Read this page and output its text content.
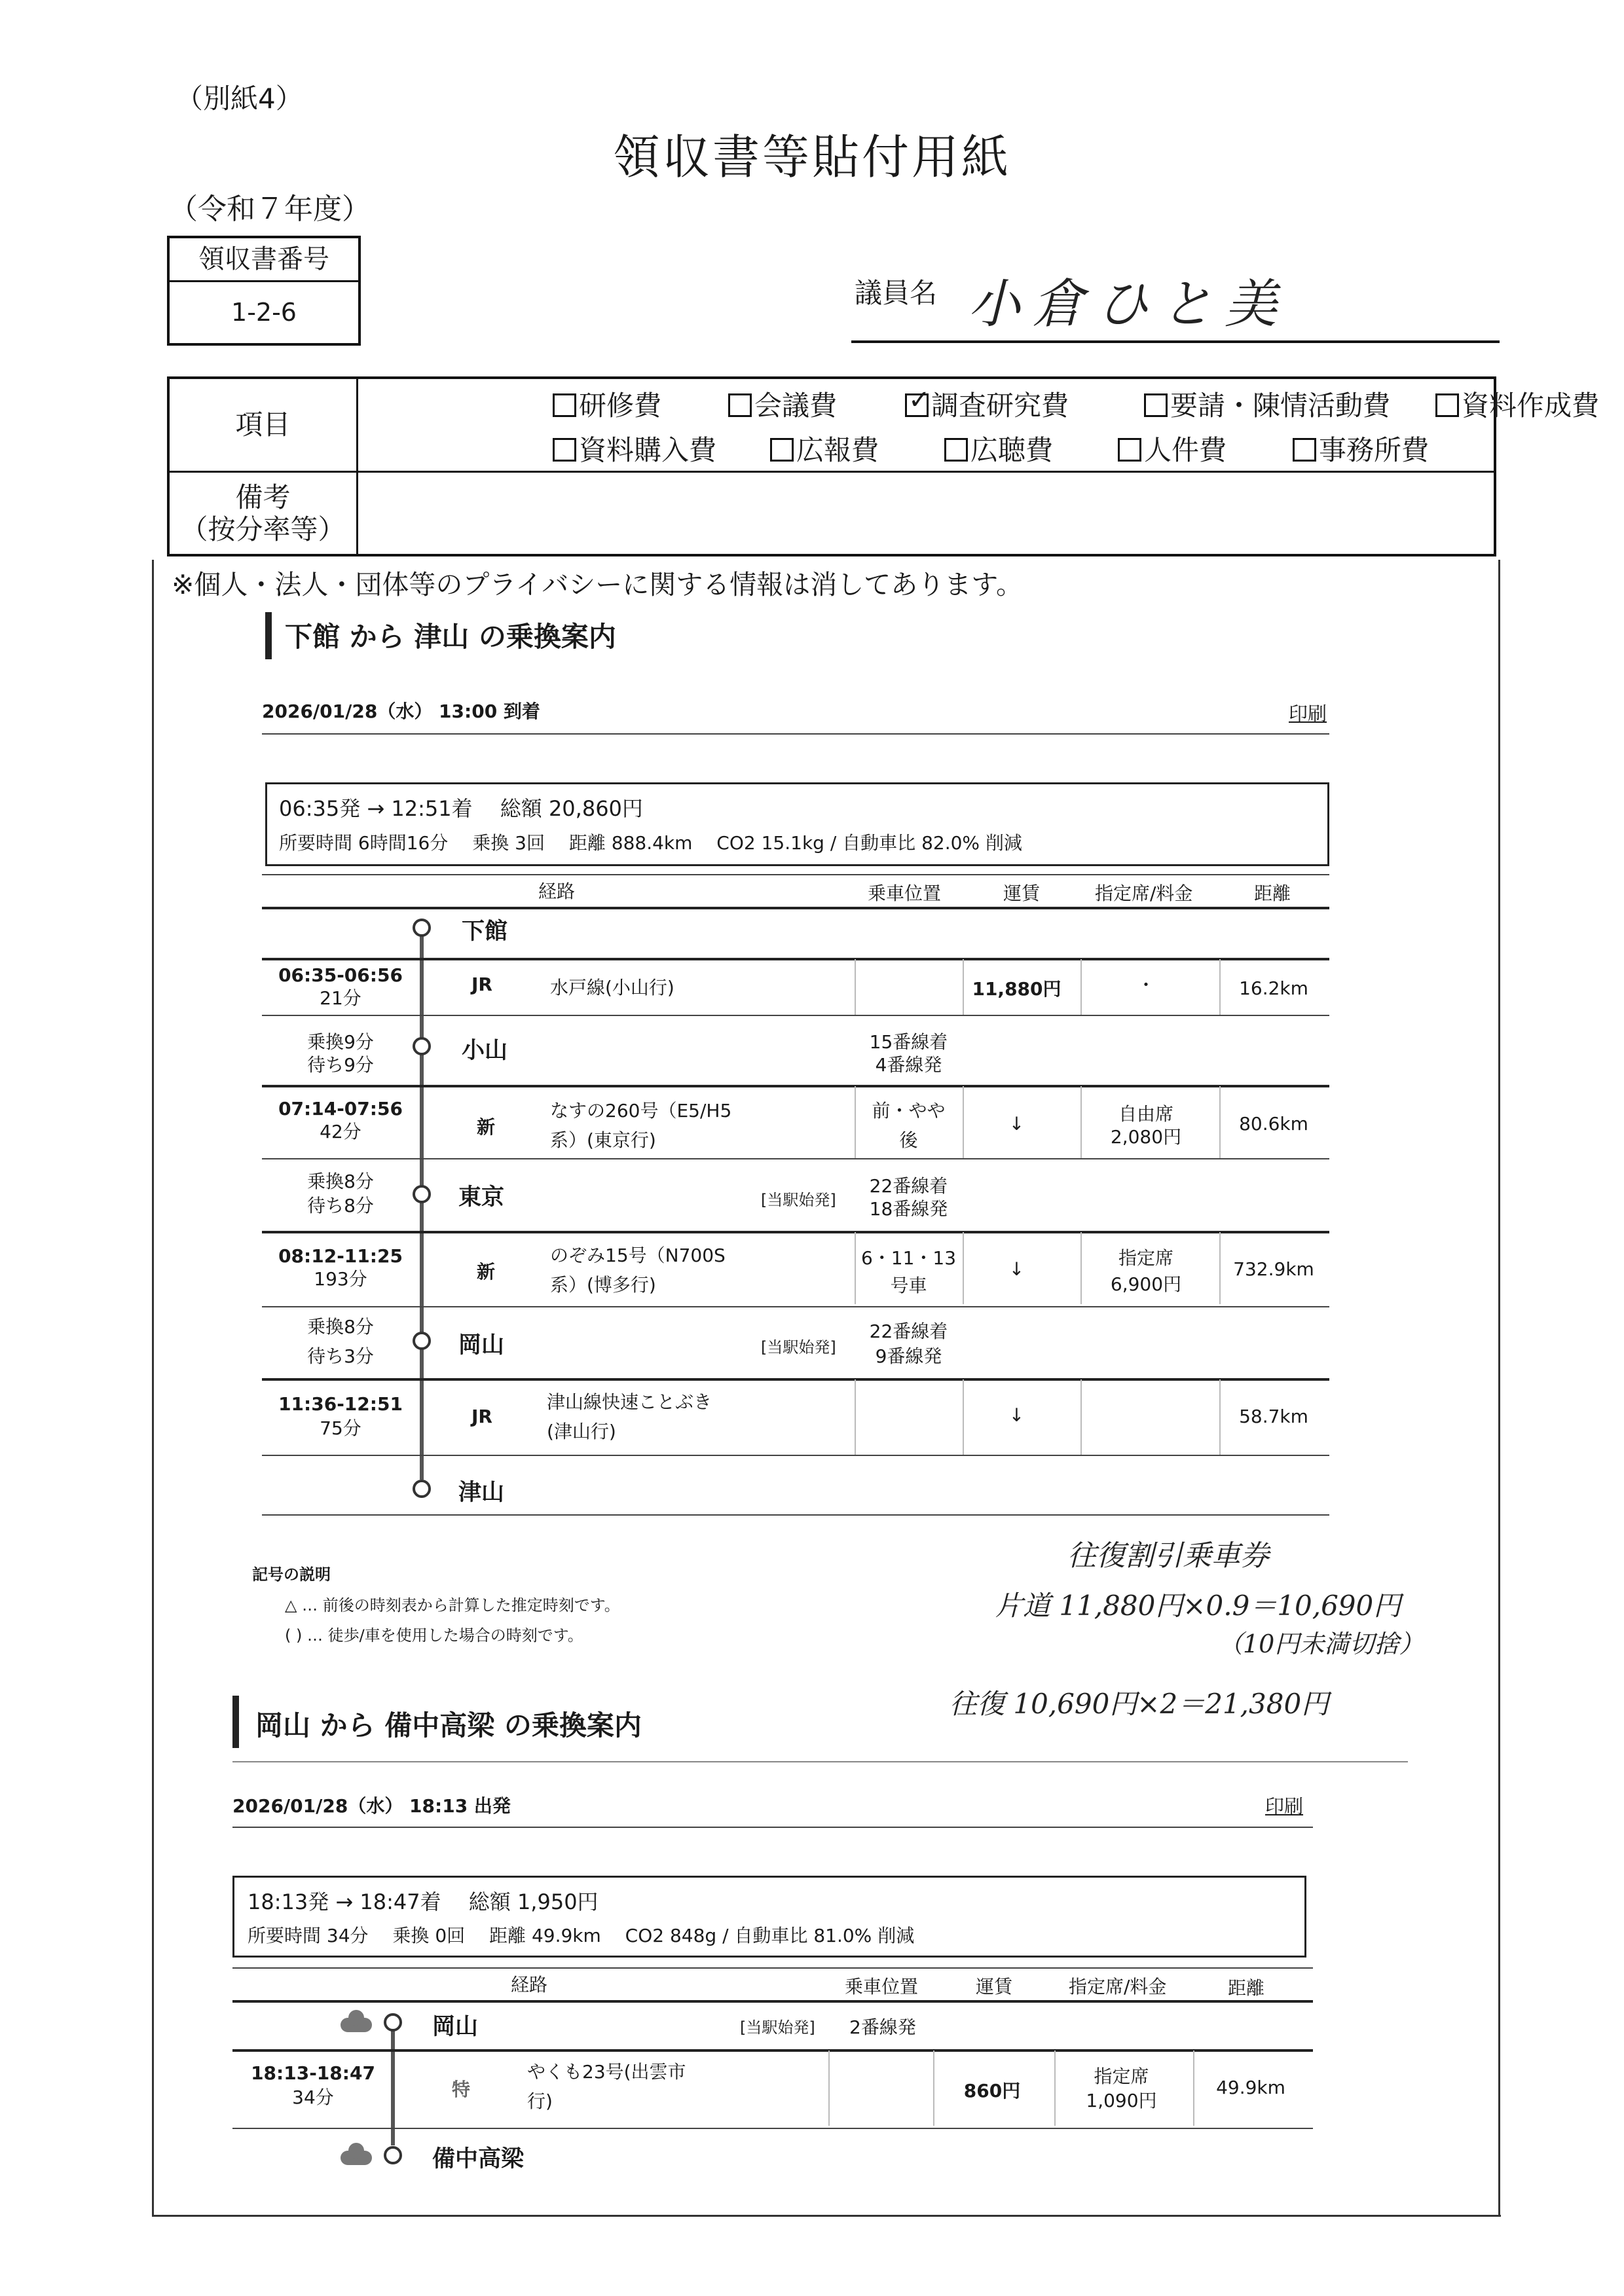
（別紙4）
領収書等貼付用紙
（令和７年度）
領収書番号
1-2-6
議員名 小倉ひと美
項目
研修費	会議費
✓	調査研究費	要請・陳情活動費	資料作成費
資料購入費	広報費	広聴費	人件費	事務所費
備考
（按分率等）
※個人・法人・団体等のプライバシーに関する情報は消してあります。
下館 から 津山 の乗換案内
2026/01/28（水） 13:00 到着	印刷
06:35発 → 12:51着 　総額 20,860円
所要時間 6時間16分 　乗換 3回 　距離 888.4km 　CO2 15.1kg / 自動車比 82.0% 削減
経路	乗車位置	運賃	指定席/料金	距離
下館
06:35-06:56
21分
JR	水戸線(小山行)	11,880円	・	16.2km
乗換9分
待ち9分
小山	15番線着
4番線発
07:14-07:56
42分	新
なすの260号（E5/H5
系）(東京行)
前・やや
後
↓	自由席
2,080円
80.6km
乗換8分
待ち8分	東京	[当駅始発]
22番線着
18番線発
08:12-11:25
193分	新
のぞみ15号（N700S
系）(博多行)
6・11・13
号車
↓
指定席
6,900円
732.9km
乗換8分
待ち3分	岡山	[当駅始発]
22番線着
9番線発
11:36-12:51
75分
JR
津山線快速ことぶき
(津山行)
↓	58.7km
津山
記号の説明
△ … 前後の時刻表から計算した推定時刻です。
( ) … 徒歩/車を使用した場合の時刻です。
往復割引乗車券
片道 11,880円×0.9＝10,690円
（10円未満切捨）
往復 10,690円×2＝21,380円
岡山 から 備中高梁 の乗換案内
2026/01/28（水） 18:13 出発	印刷
18:13発 → 18:47着 　総額 1,950円
所要時間 34分 　乗換 0回 　距離 49.9km 　CO2 848g / 自動車比 81.0% 削減
経路	乗車位置	運賃	指定席/料金	距離
岡山	[当駅始発] 2番線発
18:13-18:47
34分	特
やくも23号(出雲市
行)	860円
指定席
1,090円
49.9km
備中高梁
